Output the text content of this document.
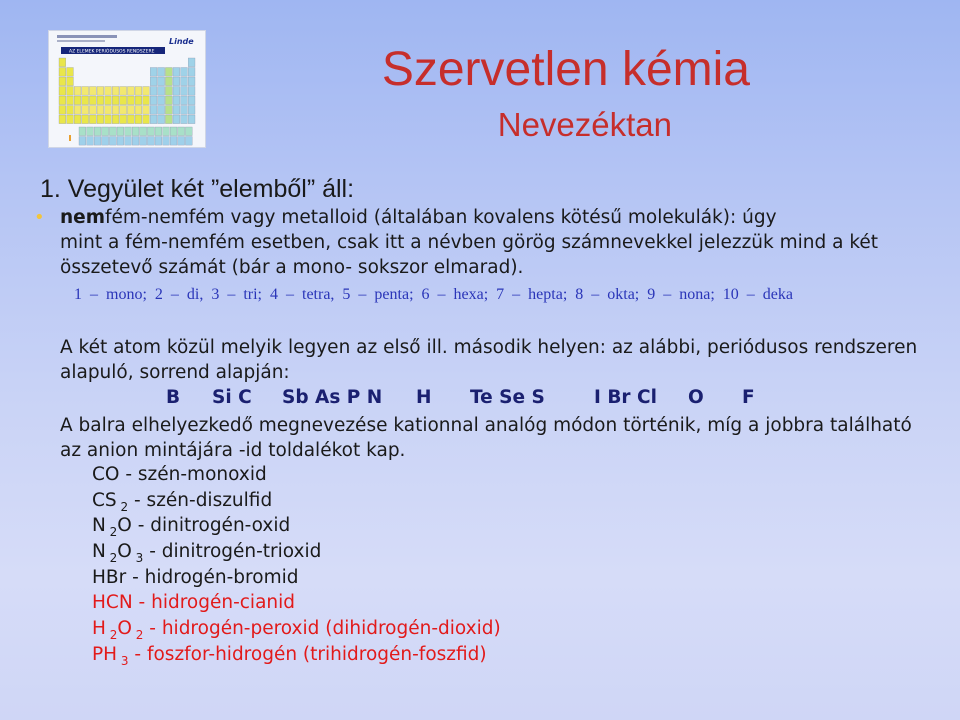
Linde
AZ ELEMEK PERIÓDUSOS RENDSZERE	Szervetlen kémia
Nevezéktan
1. Vegyület két ”elemből” áll:
• nemfém-nemfém vagy metalloid (általában kovalens kötésű molekulák): úgy
mint a fém-nemfém esetben, csak itt a névben görög számnevekkel jelezzük mind a két
összetevő számát (bár a mono- sokszor elmarad).
1 – mono; 2 – di, 3 – tri; 4 – tetra, 5 – penta; 6 – hexa; 7 – hepta; 8 – okta; 9 – nona; 10 – deka
A két atom közül melyik legyen az első ill. második helyen: az alábbi, periódusos rendszeren
alapuló, sorrend alapján:
B Si C Sb As P N H Te Se S	I Br Cl O F
A balra elhelyezkedő megnevezése kationnal analóg módon történik, míg a jobbra található
az anion mintájára -id toldalékot kap.
CO - szén-monoxid
CS $_2$ - szén-diszulfid
N $_2$O - dinitrogén-oxid
N $_2$O $_3$ - dinitrogén-trioxid
HBr - hidrogén-bromid
HCN - hidrogén-cianid
H $_2$O $_2$ - hidrogén-peroxid (dihidrogén-dioxid)
PH $_3$ - foszfor-hidrogén (trihidrogén-foszfid)
